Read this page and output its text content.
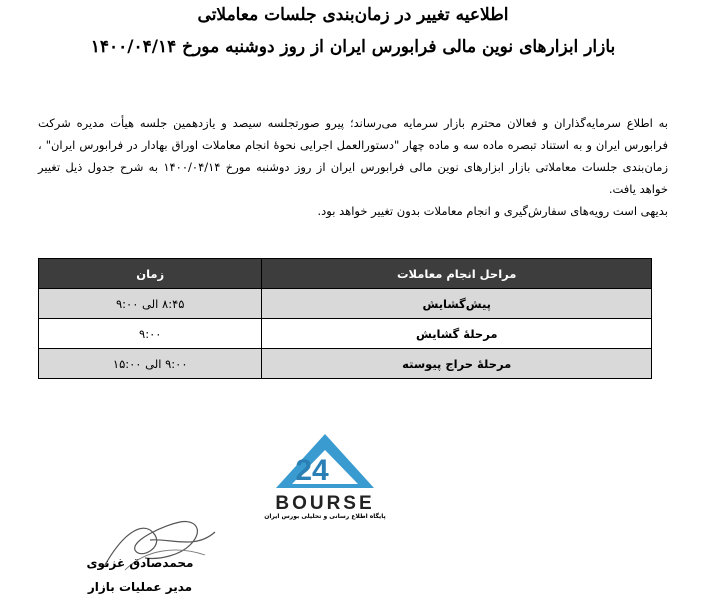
اطلاعیه تغییر در زمان‌بندی جلسات معاملاتی
بازار ابزارهای نوین مالی فرابورس ایران از روز دوشنبه مورخ ۱۴۰۰/۰۴/۱۴

به اطلاع سرمایه‌گذاران و فعالان محترم بازار سرمایه می‌رساند؛ پیرو صورتجلسه سیصد و یازدهمین جلسه هیأت مدیره شرکت فرابورس ایران و به استناد تبصره ماده سه و ماده چهار "دستورالعمل اجرایی نحوۀ انجام معاملات اوراق بهادار در فرابورس ایران" ، زمان‌بندی جلسات معاملاتی بازار ابزارهای نوین مالی فرابورس ایران از روز دوشنبه مورخ ۱۴۰۰/۰۴/۱۴ به شرح جدول ذیل تغییر خواهد یافت.

بدیهی است رویه‌های سفارش‌گیری و انجام معاملات بدون تغییر خواهد بود.

مراحل انجام معاملات	زمان
پیش‌گشایش	۸:۴۵ الی ۹:۰۰
مرحلۀ گشایش	۹:۰۰
مرحلۀ حراج پیوسته	۹:۰۰ الی ۱۵:۰۰
24
BOURSE
پایگاه اطلاع رسانی و تحلیلی بورس ایران
محمدصادق غزنوی
مدیر عملیات بازار
